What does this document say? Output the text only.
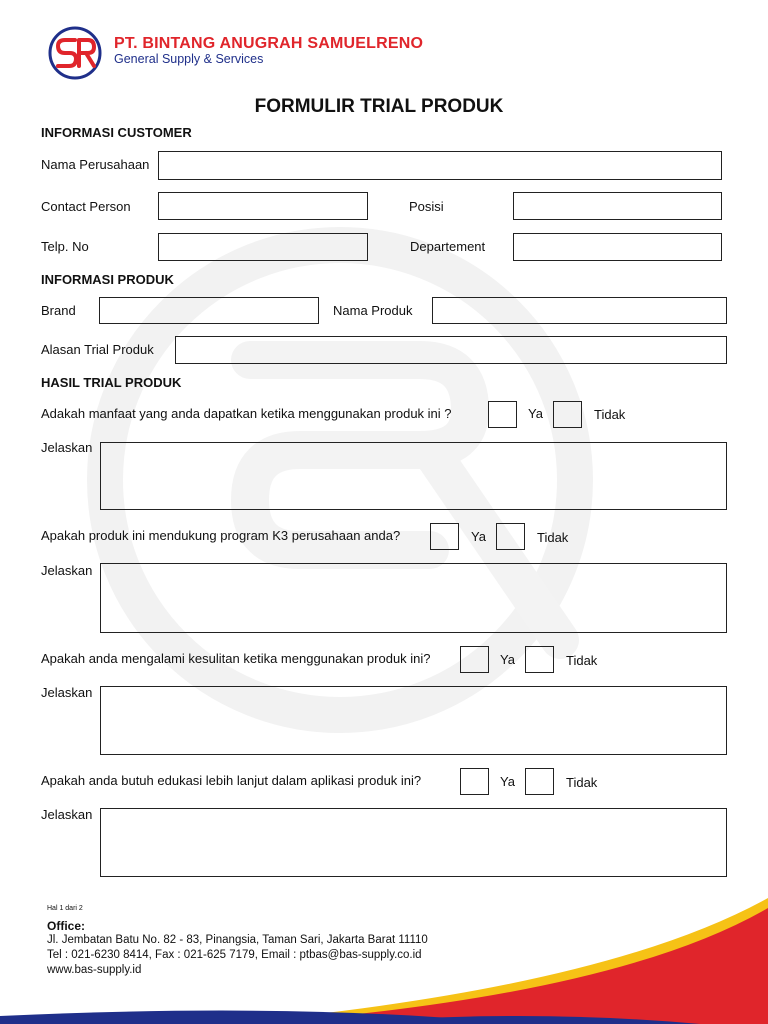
PT. BINTANG ANUGRAH SAMUELRENO
General Supply & Services
FORMULIR TRIAL PRODUK
INFORMASI CUSTOMER
Nama Perusahaan
Contact Person	Posisi
Telp. No	Departement
INFORMASI PRODUK
Brand	Nama Produk
Alasan Trial Produk
HASIL TRIAL PRODUK
Adakah manfaat yang anda dapatkan ketika menggunakan produk ini ?	Ya	Tidak
Jelaskan
Apakah produk ini mendukung program K3 perusahaan anda?	Ya	Tidak
Jelaskan
Apakah anda mengalami kesulitan ketika menggunakan produk ini?	Ya	Tidak
Jelaskan
Apakah anda butuh edukasi lebih lanjut dalam aplikasi produk ini?	Ya	Tidak
Jelaskan
Hal 1 dari 2
Office:
Jl. Jembatan Batu No. 82 - 83, Pinangsia, Taman Sari, Jakarta Barat 11110
Tel : 021-6230 8414, Fax : 021-625 7179, Email : ptbas@bas-supply.co.id
www.bas-supply.id
